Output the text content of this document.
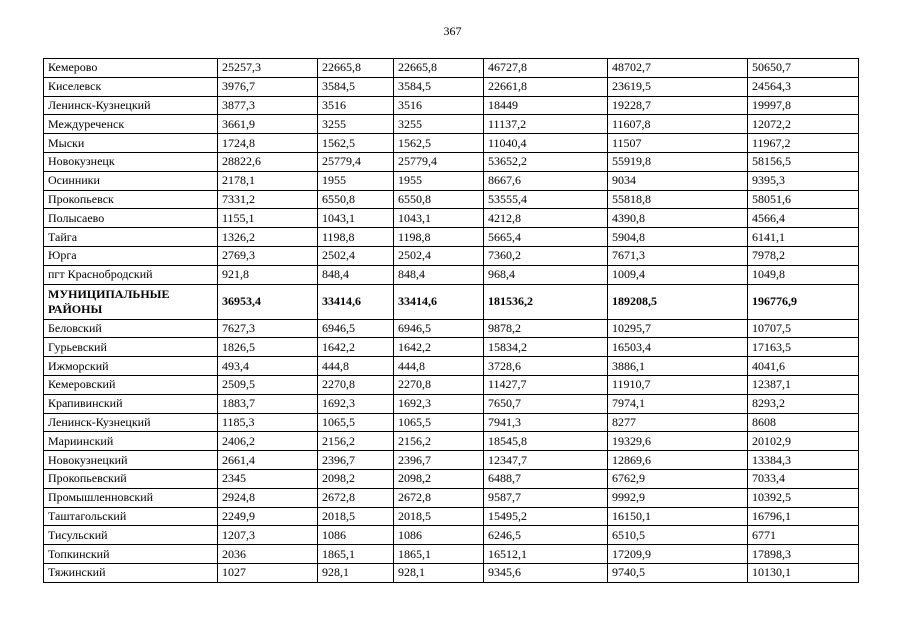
367
Кемерово	25257,3	22665,8	22665,8	46727,8	48702,7	50650,7
Киселевск	3976,7	3584,5	3584,5	22661,8	23619,5	24564,3
Ленинск-Кузнецкий	3877,3	3516	3516	18449	19228,7	19997,8
Междуреченск	3661,9	3255	3255	11137,2	11607,8	12072,2
Мыски	1724,8	1562,5	1562,5	11040,4	11507	11967,2
Новокузнецк	28822,6	25779,4	25779,4	53652,2	55919,8	58156,5
Осинники	2178,1	1955	1955	8667,6	9034	9395,3
Прокопьевск	7331,2	6550,8	6550,8	53555,4	55818,8	58051,6
Полысаево	1155,1	1043,1	1043,1	4212,8	4390,8	4566,4
Тайга	1326,2	1198,8	1198,8	5665,4	5904,8	6141,1
Юрга	2769,3	2502,4	2502,4	7360,2	7671,3	7978,2
пгт Краснобродский	921,8	848,4	848,4	968,4	1009,4	1049,8
МУНИЦИПАЛЬНЫЕ РАЙОНЫ	36953,4	33414,6	33414,6	181536,2	189208,5	196776,9
Беловский	7627,3	6946,5	6946,5	9878,2	10295,7	10707,5
Гурьевский	1826,5	1642,2	1642,2	15834,2	16503,4	17163,5
Ижморский	493,4	444,8	444,8	3728,6	3886,1	4041,6
Кемеровский	2509,5	2270,8	2270,8	11427,7	11910,7	12387,1
Крапивинский	1883,7	1692,3	1692,3	7650,7	7974,1	8293,2
Ленинск-Кузнецкий	1185,3	1065,5	1065,5	7941,3	8277	8608
Мариинский	2406,2	2156,2	2156,2	18545,8	19329,6	20102,9
Новокузнецкий	2661,4	2396,7	2396,7	12347,7	12869,6	13384,3
Прокопьевский	2345	2098,2	2098,2	6488,7	6762,9	7033,4
Промышленновский	2924,8	2672,8	2672,8	9587,7	9992,9	10392,5
Таштагольский	2249,9	2018,5	2018,5	15495,2	16150,1	16796,1
Тисульский	1207,3	1086	1086	6246,5	6510,5	6771
Топкинский	2036	1865,1	1865,1	16512,1	17209,9	17898,3
Тяжинский	1027	928,1	928,1	9345,6	9740,5	10130,1
